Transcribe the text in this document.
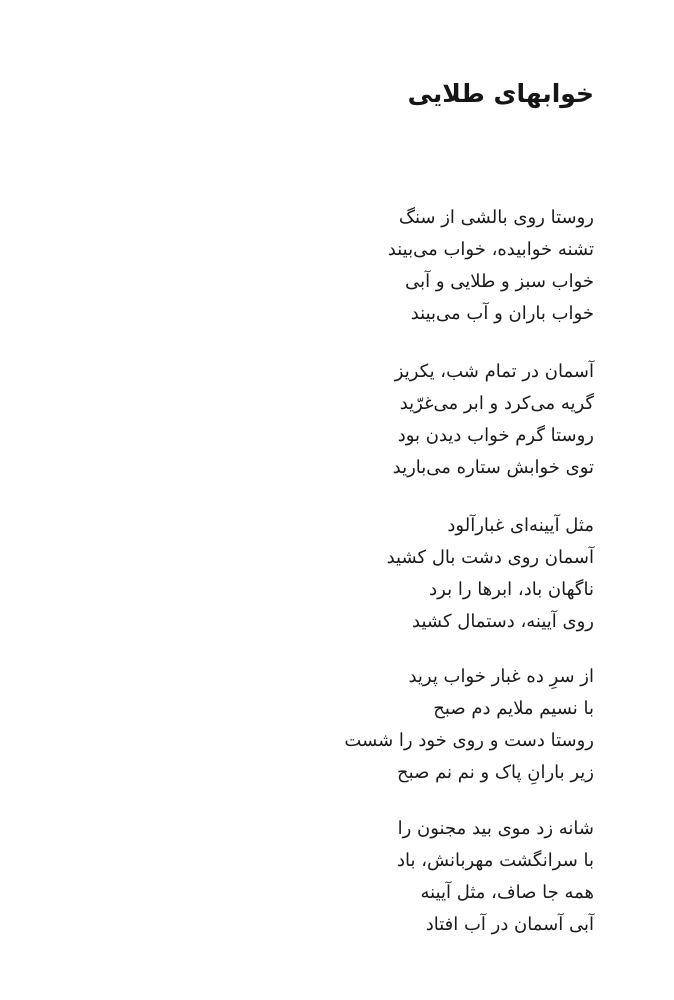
خوابهای طلایی
روستا روی بالشی از سنگ
تشنه خوابیده، خواب می‌بیند
خواب سبز و طلایی و آبی
خواب باران و آب می‌بیند
آسمان در تمام شب، یکریز
گریه می‌کرد و ابر می‌غرّید
روستا گرم خواب دیدن بود
توی خوابش ستاره می‌بارید
مثل آیینه‌ای غبارآلود
آسمان روی دشت بال کشید
ناگهان باد، ابرها را برد
روی آیینه، دستمال کشید
از سرِ ده غبار خواب پرید
با نسیم ملایم دم صبح
روستا دست و روی خود را شست
زیر بارانِ پاک و نم نم صبح
شانه زد موی بید مجنون را
با سرانگشت مهربانش، باد
همه جا صاف، مثل آیینه
آبی آسمان در آب افتاد
